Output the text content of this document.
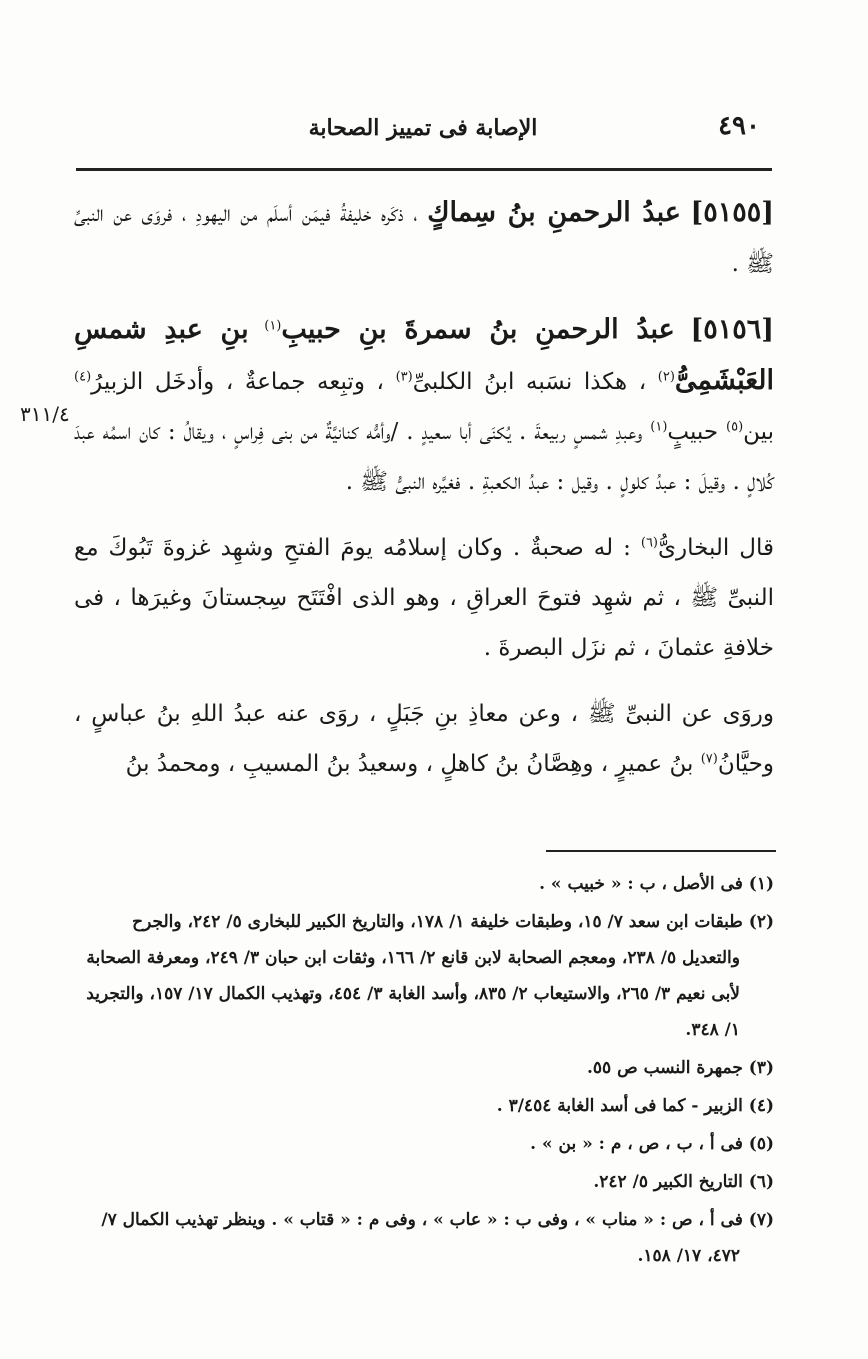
٤٩٠
الإصابة فى تمييز الصحابة
٣١١/٤

[٥١٥٥] عبدُ الرحمنِ بنُ سِماكٍ ، ذكَره خليفةُ فيمَن أسلَم من اليهودِ ، فروَى عن النبىِّ ﷺ .

[٥١٥٦] عبدُ الرحمنِ بنُ سمرةَ بنِ حبيبِ$^{(١)}$ بنِ عبدِ شمسِ العَبْشَمِىُّ$^{(٢)}$ ، هكذا نسَبه ابنُ الكلبىِّ$^{(٣)}$ ، وتبِعه جماعةٌ ، وأدخَل الزبيرُ$^{(٤)}$ بين$^{(٥)}$ حبيبٍ$^{(١)}$ وعبدِ شمسٍ ربيعةَ . يُكنَى أبا سعيدٍ . /وأمُّه كنانيَّةٌ من بنى فِراسٍ ، ويقالُ : كان اسمُه عبدَ كُلالٍ . وقيلَ : عبدُ كلولٍ . وقيل : عبدُ الكعبةِ . فغيَّره النبىُّ ﷺ .

قال البخارىُّ$^{(٦)}$ : له صحبةٌ . وكان إسلامُه يومَ الفتحِ وشهِد غزوةَ تَبُوكَ مع النبىِّ ﷺ ، ثم شهِد فتوحَ العراقِ ، وهو الذى افْتَتَح سِجستانَ وغيرَها ، فى خلافةِ عثمانَ ، ثم نزَل البصرةَ .

وروَى عن النبىِّ ﷺ ، وعن معاذِ بنِ جَبَلٍ ، روَى عنه عبدُ اللهِ بنُ عباسٍ ، وحيَّانُ$^{(٧)}$ بنُ عميرٍ ، وهِصَّانُ بنُ كاهلٍ ، وسعيدُ بنُ المسيبِ ، ومحمدُ بنُ

(١) فى الأصل ، ب : « خبيب » .

(٢) طبقات ابن سعد ٧/ ١٥، وطبقات خليفة ١/ ١٧٨، والتاريخ الكبير للبخارى ٥/ ٢٤٢، والجرح والتعديل ٥/ ٢٣٨، ومعجم الصحابة لابن قانع ٢/ ١٦٦، وثقات ابن حبان ٣/ ٢٤٩، ومعرفة الصحابة لأبى نعيم ٣/ ٢٦٥، والاستيعاب ٢/ ٨٣٥، وأسد الغابة ٣/ ٤٥٤، وتهذيب الكمال ١٧/ ١٥٧، والتجريد ١/ ٣٤٨.

(٣) جمهرة النسب ص ٥٥.

(٤) الزبير - كما فى أسد الغابة ٣/٤٥٤ .

(٥) فى أ ، ب ، ص ، م : « بن » .

(٦) التاريخ الكبير ٥/ ٢٤٢.

(٧) فى أ ، ص : « مناب » ، وفى ب : « عاب » ، وفى م : « قتاب » . وينظر تهذيب الكمال ٧/ ٤٧٢، ١٧/ ١٥٨.
